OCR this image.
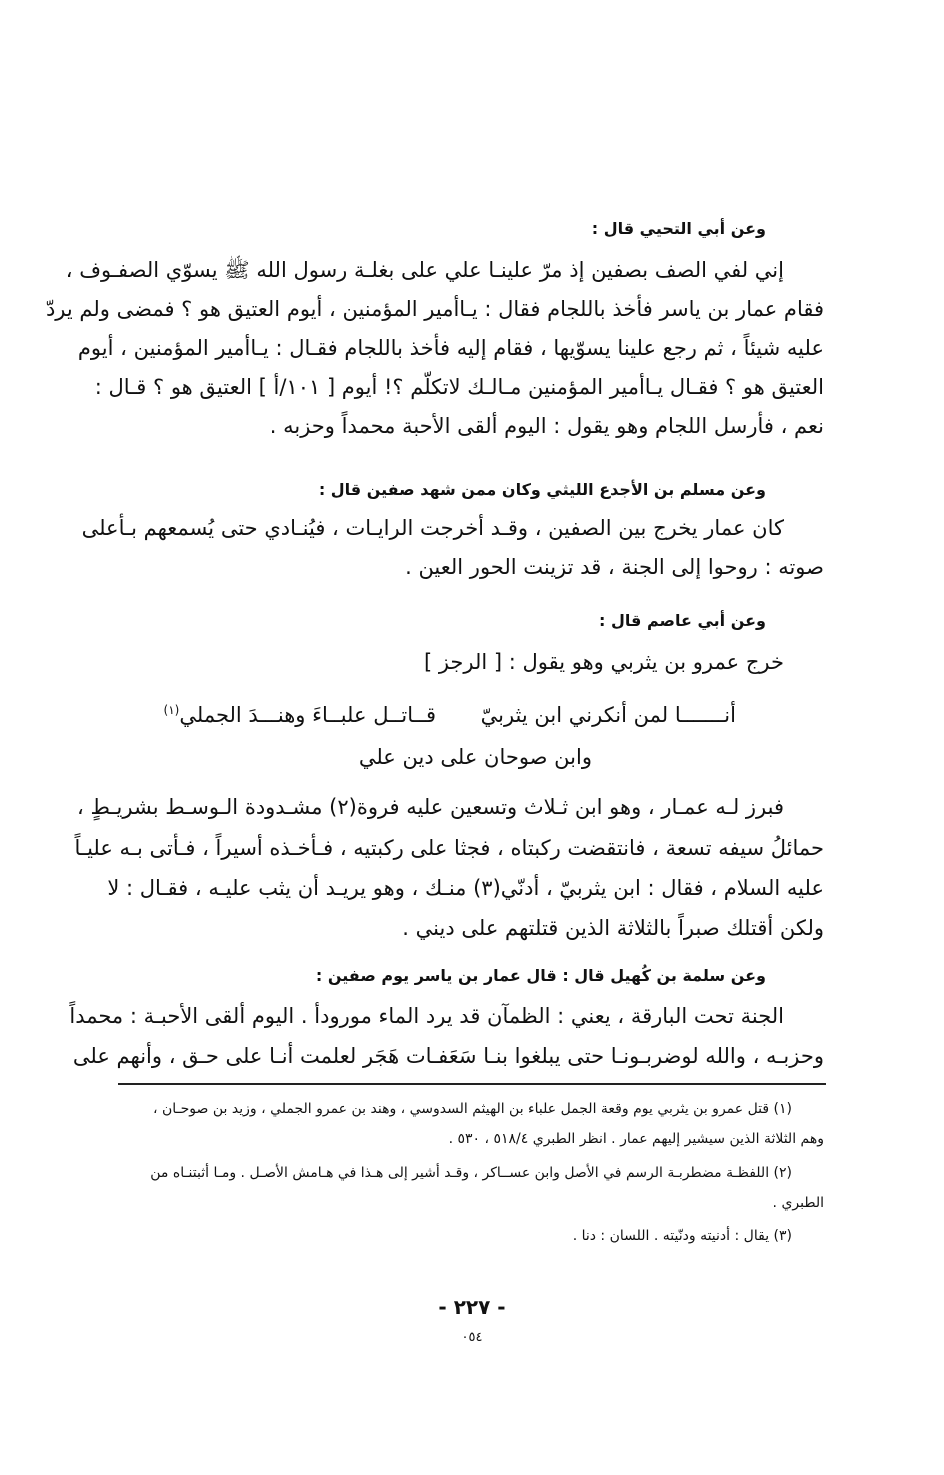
وعن أبي التحيي قال :
إني لفي الصف بصفين إذ مرّ علينـا علي على بغلـة رسول الله ﷺ يسوّي الصفـوف ،
فقام عمار بن ياسر فأخذ باللجام فقال : يـاأمير المؤمنين ، أيوم العتيق هو ؟ فمضى ولم يردّ
عليه شيئاً ، ثم رجع علينا يسوّيها ، فقام إليه فأخذ باللجام فقـال : يـاأمير المؤمنين ، أيوم
العتيق هو ؟ فقـال يـاأمير المؤمنين مـالـك لاتكلّم ؟! أيوم [ ١٠١/أ ] العتيق هو ؟ قـال :
نعم ، فأرسل اللجام وهو يقول : اليوم ألقى الأحبة محمداً وحزبه .
وعن مسلم بن الأجدع الليثي وكان ممن شهد صفين قال :
كان عمار يخرج بين الصفين ، وقـد أخرجت الرايـات ، فيُنـادي حتى يُسمعهم بـأعلى
صوته : روحوا إلى الجنة ، قد تزينت الحور العين .
وعن أبي عاصم قال :
خرج عمرو بن يثربي وهو يقول : [ الرجز ]
أنـــــــا لمن أنكرني ابن يثربيّ
قــاتــل علبــاءَ وهنـــدَ الجملي$^{(١)}$
وابن صوحان على دين علي
فبرز لـه عمـار ، وهو ابن ثـلاث وتسعين عليه فروة(٢) مشـدودة الـوسـط بشريـطٍ ،
حمائلُ سيفه تسعة ، فانتقضت ركبتاه ، فجثا على ركبتيه ، فـأخـذه أسيراً ، فـأتى بـه عليـاً
عليه السلام ، فقال : ابن يثربيّ ، أدنّي(٣) منـك ، وهو يريـد أن يثب عليـه ، فقـال : لا
ولكن أقتلك صبراً بالثلاثة الذين قتلتهم على ديني .
وعن سلمة بن كُهيل قال : قال عمار بن ياسر يوم صفين :
الجنة تحت البارقة ، يعني : الظمآن قد يرد الماء مورودأ . اليوم ألقى الأحبـة : محمداً
وحزبـه ، والله لوضربـونـا حتى يبلغوا بنـا سَعَفـات هَجَر لعلمت أنـا على حـق ، وأنهم على
(١) قتل عمرو بن يثربي يوم وقعة الجمل علباء بن الهيثم السدوسي ، وهند بن عمرو الجملي ، وزيد بن صوحـان ،
وهم الثلاثة الذين سيشير إليهم عمار . انظر الطبري ٥١٨/٤ ، ٥٣٠ .
(٢) اللفظـة مضطربـة الرسم في الأصل وابن عســاكر ، وقـد أشير إلى هـذا في هـامش الأصـل . ومـا أثبتنـاه من
الطبري .
(٣) يقال : أدنيته ودنّيته . اللسان : دنا .
- ٢٢٧ -
٠٥٤
